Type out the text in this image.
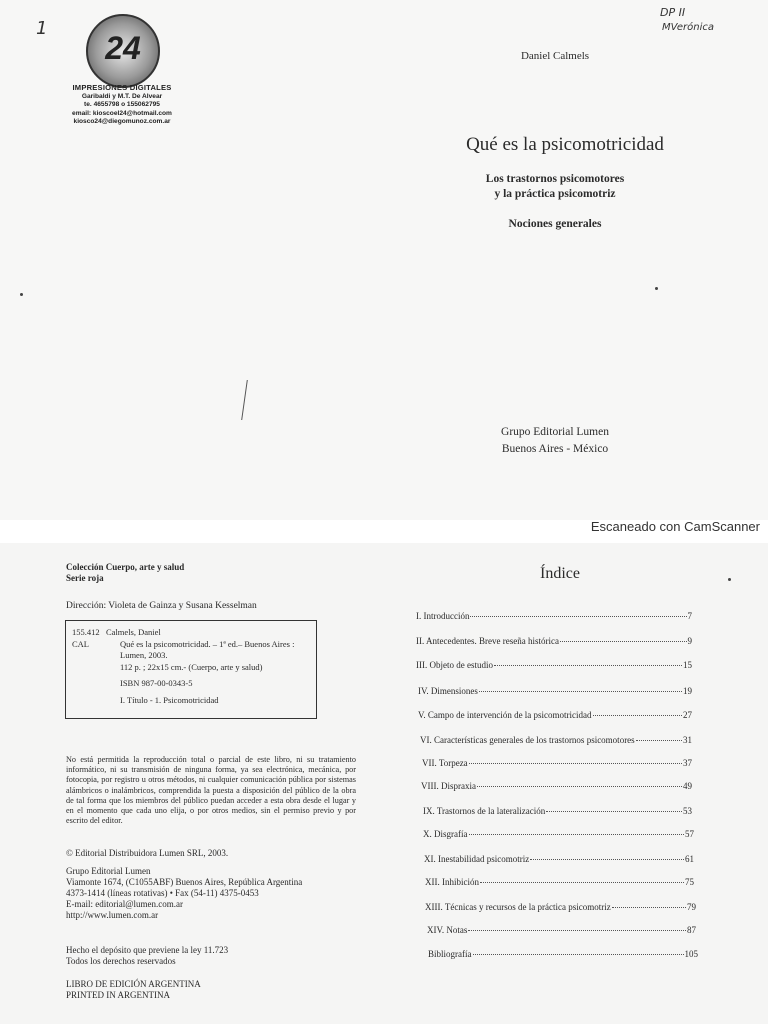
Escaneado con CamScanner
1
DP II
MVerónica
24
IMPRESIONES DIGITALES
Garibaldi y M.T. De Alvear
te. 4655798 o 155062795
email: kioscoel24@hotmail.com
kiosco24@diegomunoz.com.ar
Daniel Calmels
Qué es la psicomotricidad
Los trastornos psicomotores
y la práctica psicomotriz
Nociones generales
Grupo Editorial Lumen
Buenos Aires - México
Colección Cuerpo, arte y salud
Serie roja
Dirección: Violeta de Gainza y Susana Kesselman
155.412
CAL
Calmels, Daniel
Qué es la psicomotricidad. – 1ª ed.– Buenos Aires :
Lumen, 2003.
112 p. ; 22x15 cm.- (Cuerpo, arte y salud)
ISBN 987-00-0343-5
I. Título - 1. Psicomotricidad
No está permitida la reproducción total o parcial de este libro, ni su tratamiento informático, ni su transmisión de ninguna forma, ya sea electrónica, mecánica, por fotocopia, por registro u otros métodos, ni cualquier comunicación pública por sistemas alámbricos o inalámbricos, comprendida la puesta a disposición del público de la obra de tal forma que los miembros del público puedan acceder a esta obra desde el lugar y en el momento que cada uno elija, o por otros medios, sin el permiso previo y por escrito del editor.
© Editorial Distribuidora Lumen SRL, 2003.
Grupo Editorial Lumen
Viamonte 1674, (C1055ABF) Buenos Aires, República Argentina
4373-1414 (líneas rotativas) • Fax (54-11) 4375-0453
E-mail: editorial@lumen.com.ar
http://www.lumen.com.ar
Hecho el depósito que previene la ley 11.723
Todos los derechos reservados
LIBRO DE EDICIÓN ARGENTINA
PRINTED IN ARGENTINA
Índice
I. Introducción	7
II. Antecedentes. Breve reseña histórica	9
III. Objeto de estudio	15
IV. Dimensiones	19
V. Campo de intervención de la psicomotricidad	27
VI. Características generales de los trastornos psicomotores	31
VII. Torpeza	37
VIII. Dispraxia	49
IX. Trastornos de la lateralización	53
X. Disgrafía	57
XI. Inestabilidad psicomotriz	61
XII. Inhibición	75
XIII. Técnicas y recursos de la práctica psicomotriz	79
XIV. Notas	87
Bibliografía	105
